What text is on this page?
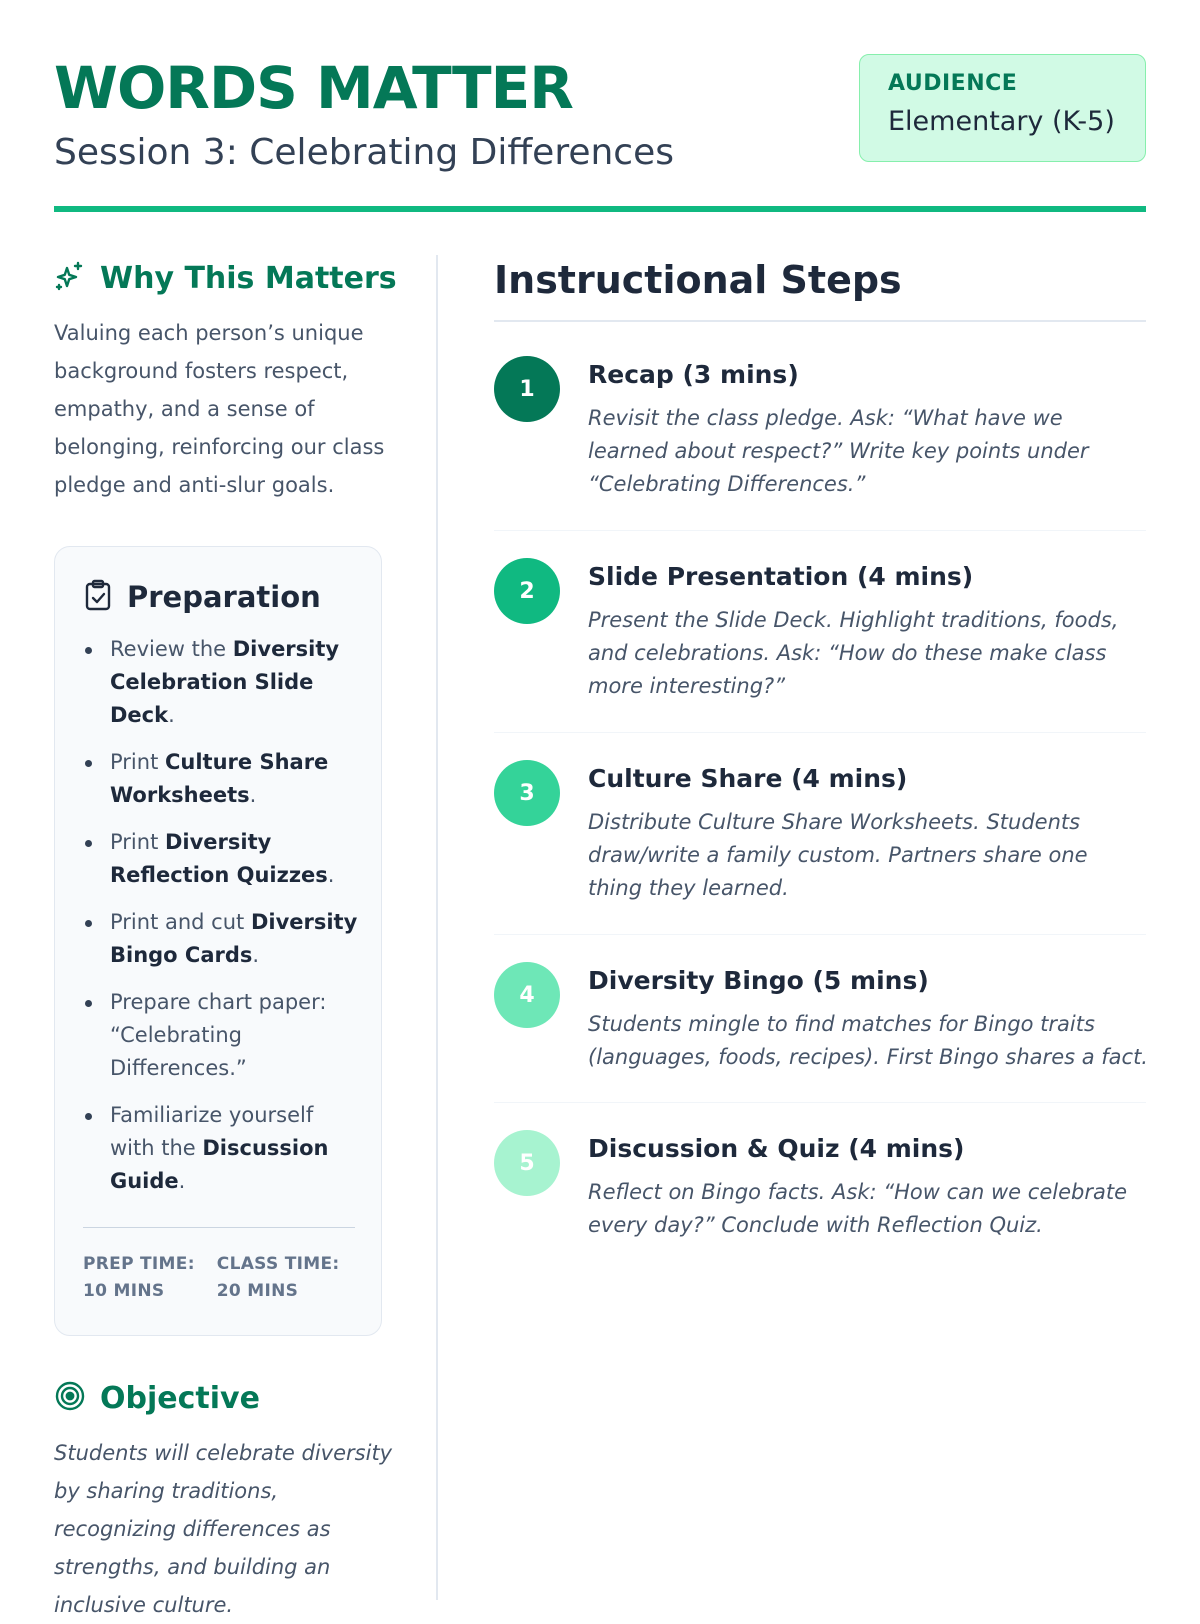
WORDS MATTER
Session 3: Celebrating Differences
AUDIENCE
Elementary (K-5)
Why This Matters

Valuing each person’s unique background fosters respect, empathy, and a sense of belonging, reinforcing our class pledge and anti-slur goals.

Preparation
Review the Diversity Celebration Slide Deck.
Print Culture Share Worksheets.
Print Diversity Reflection Quizzes.
Print and cut Diversity Bingo Cards.
Prepare chart paper: “Celebrating Differences.”
Familiarize yourself with the Discussion Guide.
PREP TIME:
10 MINS
CLASS TIME:
20 MINS
Objective

Students will celebrate diversity by sharing traditions, recognizing differences as strengths, and building an inclusive culture.

Instructional Steps
1	Recap (3 mins)
Revisit the class pledge. Ask: “What have we learned about respect?” Write key points under “Celebrating Differences.”
2	Slide Presentation (4 mins)
Present the Slide Deck. Highlight traditions, foods, and celebrations. Ask: “How do these make class more interesting?”
3	Culture Share (4 mins)
Distribute Culture Share Worksheets. Students draw/write a family custom. Partners share one thing they learned.
4	Diversity Bingo (5 mins)
Students mingle to find matches for Bingo traits (languages, foods, recipes). First Bingo shares a fact.
5	Discussion & Quiz (4 mins)
Reflect on Bingo facts. Ask: “How can we celebrate every day?” Conclude with Reflection Quiz.
